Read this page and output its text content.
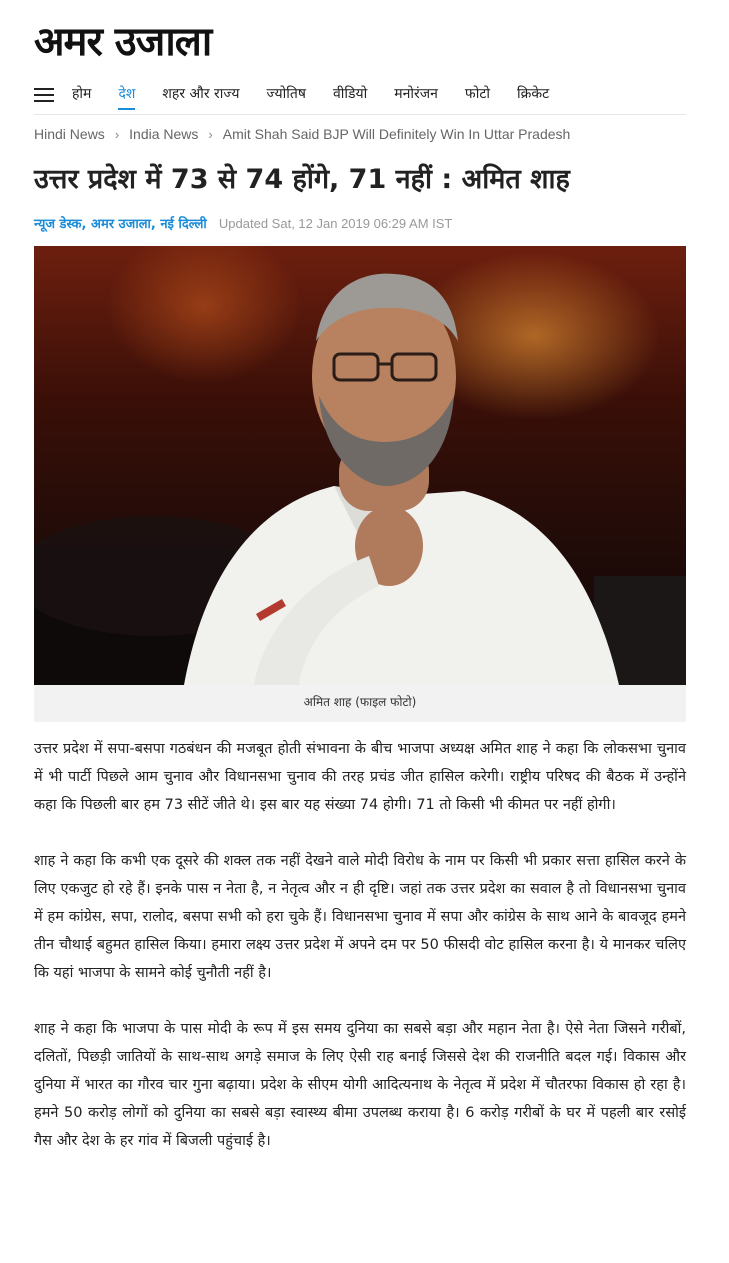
अमर उजाला
होम देश शहर और राज्य ज्योतिष वीडियो मनोरंजन फोटो क्रिकेट
Hindi News › India News › Amit Shah Said BJP Will Definitely Win In Uttar Pradesh
उत्तर प्रदेश में 73 से 74 होंगे, 71 नहीं : अमित शाह
न्यूज डेस्क, अमर उजाला, नई दिल्ली Updated Sat, 12 Jan 2019 06:29 AM IST
अमित शाह (फाइल फोटो)

उत्तर प्रदेश में सपा-बसपा गठबंधन की मजबूत होती संभावना के बीच भाजपा अध्यक्ष अमित शाह ने कहा कि लोकसभा चुनाव में भी पार्टी पिछले आम चुनाव और विधानसभा चुनाव की तरह प्रचंड जीत हासिल करेगी। राष्ट्रीय परिषद की बैठक में उन्होंने कहा कि पिछली बार हम 73 सीटें जीते थे। इस बार यह संख्या 74 होगी। 71 तो किसी भी कीमत पर नहीं होगी।

शाह ने कहा कि कभी एक दूसरे की शक्ल तक नहीं देखने वाले मोदी विरोध के नाम पर किसी भी प्रकार सत्ता हासिल करने के लिए एकजुट हो रहे हैं। इनके पास न नेता है, न नेतृत्व और न ही दृष्टि। जहां तक उत्तर प्रदेश का सवाल है तो विधानसभा चुनाव में हम कांग्रेस, सपा, रालोद, बसपा सभी को हरा चुके हैं। विधानसभा चुनाव में सपा और कांग्रेस के साथ आने के बावजूद हमने तीन चौथाई बहुमत हासिल किया। हमारा लक्ष्य उत्तर प्रदेश में अपने दम पर 50 फीसदी वोट हासिल करना है। ये मानकर चलिए कि यहां भाजपा के सामने कोई चुनौती नहीं है।

शाह ने कहा कि भाजपा के पास मोदी के रूप में इस समय दुनिया का सबसे बड़ा और महान नेता है। ऐसे नेता जिसने गरीबों, दलितों, पिछड़ी जातियों के साथ-साथ अगड़े समाज के लिए ऐसी राह बनाई जिससे देश की राजनीति बदल गई। विकास और दुनिया में भारत का गौरव चार गुना बढ़ाया। प्रदेश के सीएम योगी आदित्यनाथ के नेतृत्व में प्रदेश में चौतरफा विकास हो रहा है। हमने 50 करोड़ लोगों को दुनिया का सबसे बड़ा स्वास्थ्य बीमा उपलब्ध कराया है। 6 करोड़ गरीबों के घर में पहली बार रसोई गैस और देश के हर गांव में बिजली पहुंचाई है।
